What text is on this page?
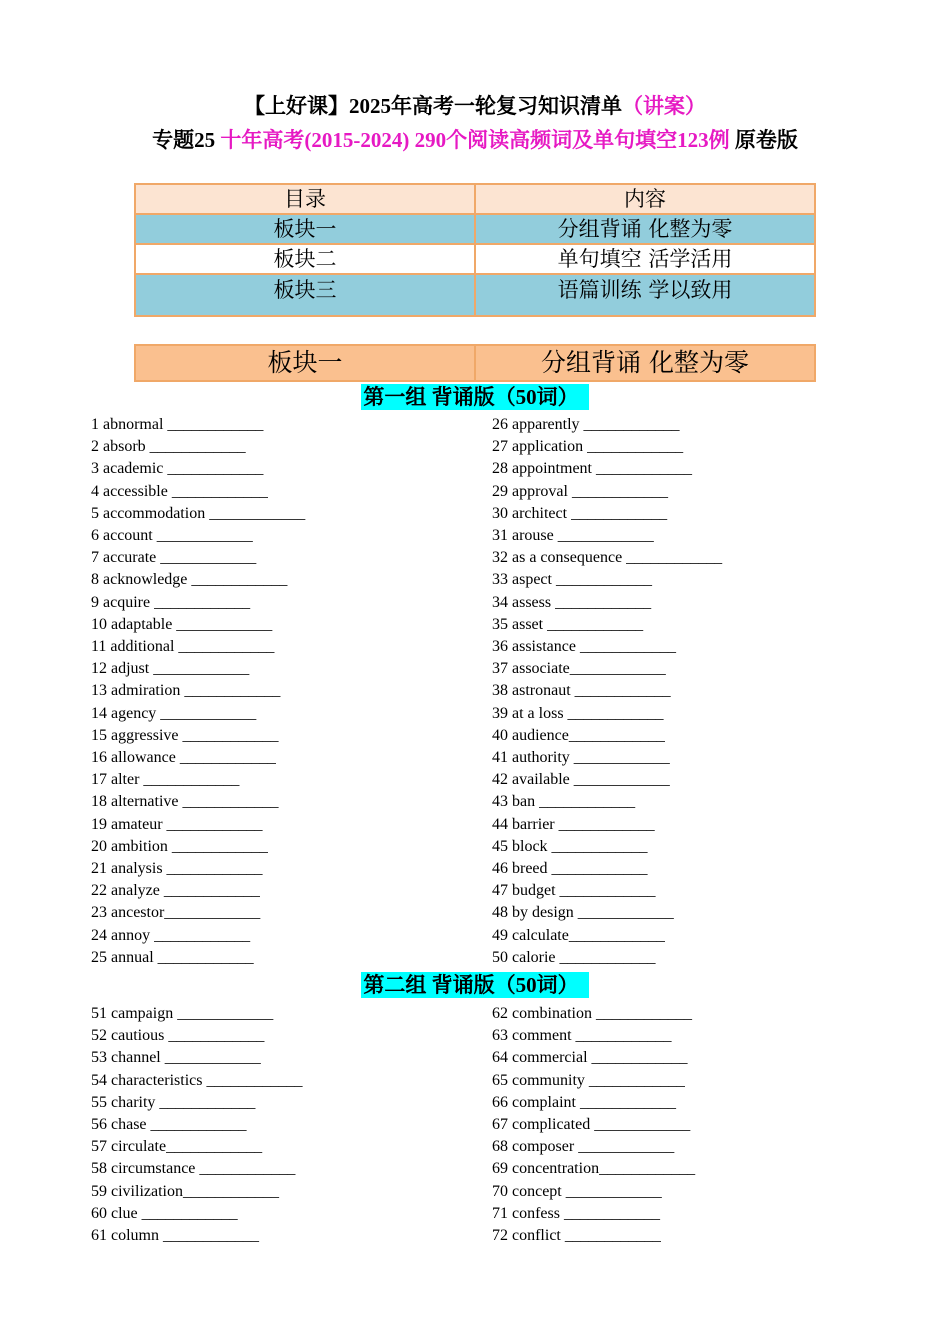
【上好课】2025年高考一轮复习知识清单（讲案）
专题25 十年高考(2015-2024) 290个阅读高频词及单句填空123例 原卷版
目录	内容
板块一	分组背诵 化整为零
板块二	单句填空 活学活用
板块三	语篇训练 学以致用
板块一	分组背诵 化整为零
第一组 背诵版（50词）
1 abnormal ____________
2 absorb ____________
3 academic ____________
4 accessible ____________
5 accommodation ____________
6 account ____________
7 accurate ____________
8 acknowledge ____________
9 acquire ____________
10 adaptable ____________
11 additional ____________
12 adjust ____________
13 admiration ____________
14 agency ____________
15 aggressive ____________
16 allowance ____________
17 alter ____________
18 alternative ____________
19 amateur ____________
20 ambition ____________
21 analysis ____________
22 analyze ____________
23 ancestor____________
24 annoy ____________
25 annual ____________
26 apparently ____________
27 application ____________
28 appointment ____________
29 approval ____________
30 architect ____________
31 arouse ____________
32 as a consequence ____________
33 aspect ____________
34 assess ____________
35 asset ____________
36 assistance ____________
37 associate____________
38 astronaut ____________
39 at a loss ____________
40 audience____________
41 authority ____________
42 available ____________
43 ban ____________
44 barrier ____________
45 block ____________
46 breed ____________
47 budget ____________
48 by design ____________
49 calculate____________
50 calorie ____________
第二组 背诵版（50词）
51 campaign ____________
52 cautious ____________
53 channel ____________
54 characteristics ____________
55 charity ____________
56 chase ____________
57 circulate____________
58 circumstance ____________
59 civilization____________
60 clue ____________
61 column ____________
62 combination ____________
63 comment ____________
64 commercial ____________
65 community ____________
66 complaint ____________
67 complicated ____________
68 composer ____________
69 concentration____________
70 concept ____________
71 confess ____________
72 conflict ____________
